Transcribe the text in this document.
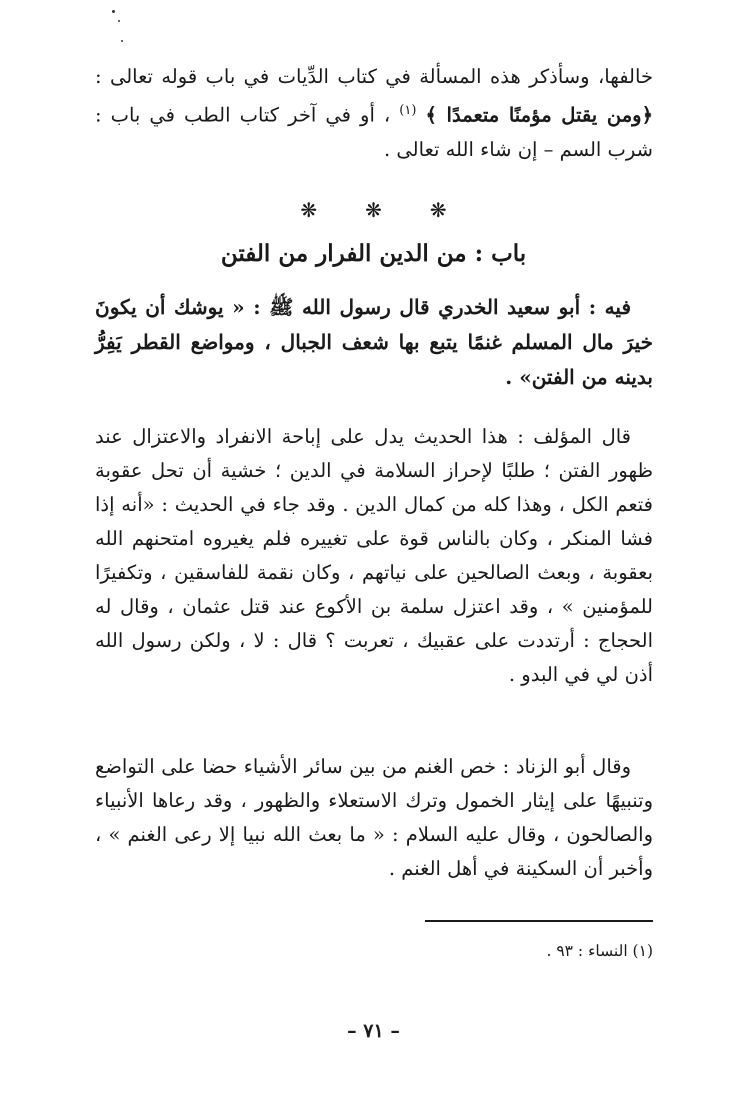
خالفها، وسأذكر هذه المسألة في كتاب الدِّيات في باب قوله تعالى : ﴿ومن يقتل مؤمنًا متعمدًا ﴾ $^{(١)}$ ، أو في آخر كتاب الطب في باب : شرب السم – إن شاء الله تعالى .

❋ ❋ ❋
باب : من الدين الفرار من الفتن

فيه : أبو سعيد الخدري قال رسول الله ﷺ : « يوشك أن يكونَ خيرَ مال المسلم غنمًا يتبع بها شعف الجبال ، ومواضع القطر يَفِرُّ بدينه من الفتن» .

قال المؤلف : هذا الحديث يدل على إباحة الانفراد والاعتزال عند ظهور الفتن ؛ طلبًا لإحراز السلامة في الدين ؛ خشية أن تحل عقوبة فتعم الكل ، وهذا كله من كمال الدين . وقد جاء في الحديث : «أنه إذا فشا المنكر ، وكان بالناس قوة على تغييره فلم يغيروه امتحنهم الله بعقوبة ، وبعث الصالحين على نياتهم ، وكان نقمة للفاسقين ، وتكفيرًا للمؤمنين » ، وقد اعتزل سلمة بن الأكوع عند قتل عثمان ، وقال له الحجاج : أرتددت على عقبيك ، تعربت ؟ قال : لا ، ولكن رسول الله أذن لي في البدو .

وقال أبو الزناد : خص الغنم من بين سائر الأشياء حضا على التواضع وتنبيهًا على إيثار الخمول وترك الاستعلاء والظهور ، وقد رعاها الأنبياء والصالحون ، وقال عليه السلام : « ما بعث الله نبيا إلا رعى الغنم » ، وأخبر أن السكينة في أهل الغنم .

(١) النساء : ٩٣ .
– ٧١ –
